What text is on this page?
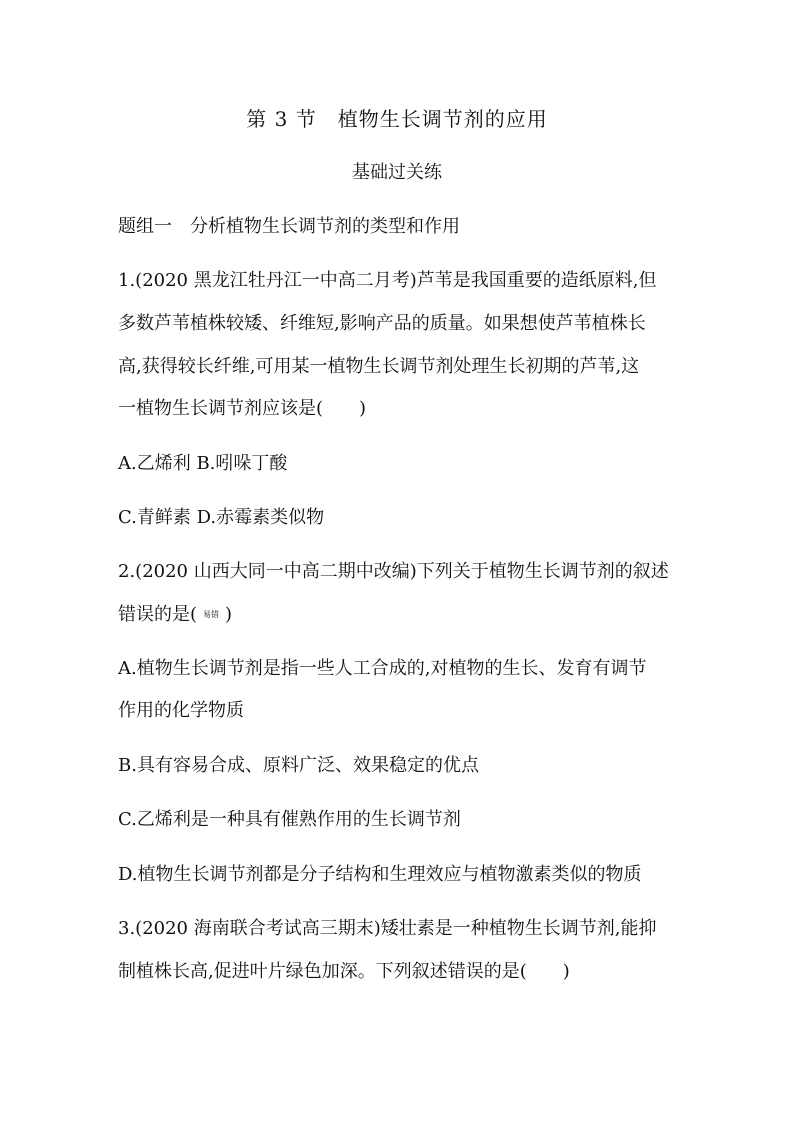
第 3 节　植物生长调节剂的应用
基础过关练
题组一　分析植物生长调节剂的类型和作用
1.(2020 黑龙江牡丹江一中高二月考)芦苇是我国重要的造纸原料,但
多数芦苇植株较矮、纤维短,影响产品的质量。如果想使芦苇植株长
高,获得较长纤维,可用某一植物生长调节剂处理生长初期的芦苇,这
一植物生长调节剂应该是(　　)
A.乙烯利 B.吲哚丁酸
C.青鲜素 D.赤霉素类似物
2.(2020 山西大同一中高二期中改编)下列关于植物生长调节剂的叙述
错误的是( 易错 )
A.植物生长调节剂是指一些人工合成的,对植物的生长、发育有调节
作用的化学物质
B.具有容易合成、原料广泛、效果稳定的优点
C.乙烯利是一种具有催熟作用的生长调节剂
D.植物生长调节剂都是分子结构和生理效应与植物激素类似的物质
3.(2020 海南联合考试高三期末)矮壮素是一种植物生长调节剂,能抑
制植株长高,促进叶片绿色加深。下列叙述错误的是(　　)
